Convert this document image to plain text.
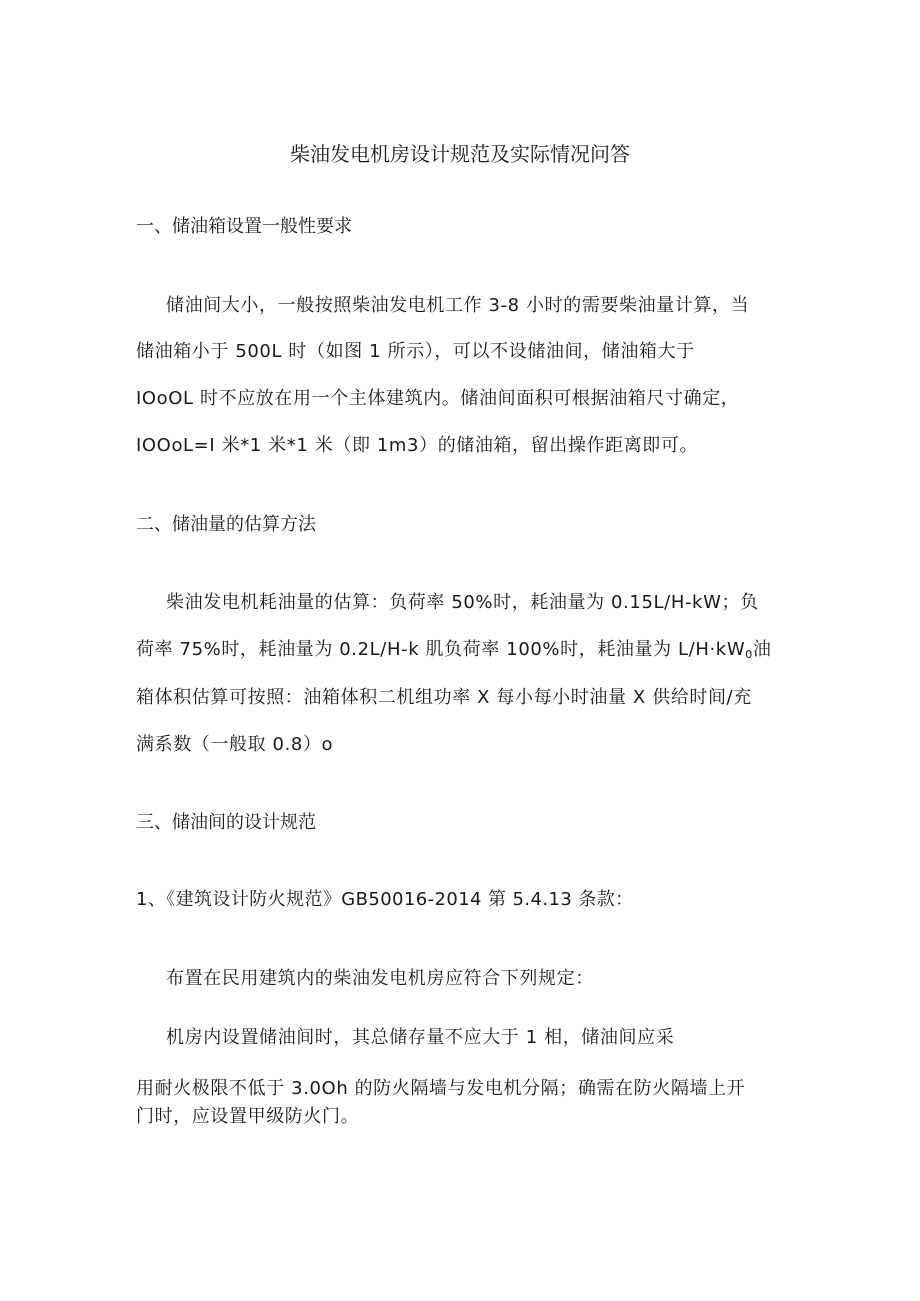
柴油发电机房设计规范及实际情况问答
一、储油箱设置一般性要求
储油间大小，一般按照柴油发电机工作 3-8 小时的需要柴油量计算，当
储油箱小于 500L 时（如图 1 所示），可以不设储油间，储油箱大于
IOoOL 时不应放在用一个主体建筑内。储油间面积可根据油箱尺寸确定，
IOOoL=I 米*1 米*1 米（即 1m3）的储油箱，留出操作距离即可。
二、储油量的估算方法
柴油发电机耗油量的估算：负荷率 50%时，耗油量为 0.15L/H-kW；负
荷率 75%时，耗油量为 0.2L/H-k 肌负荷率 100%时，耗油量为 $L/H\cdot kW_0$油
箱体积估算可按照：油箱体积二机组功率 X 每小每小时油量 X 供给时间/充
满系数（一般取 0.8）o
三、储油间的设计规范
1、《建筑设计防火规范》GB50016-2014 第 5.4.13 条款：
布置在民用建筑内的柴油发电机房应符合下列规定：
机房内设置储油间时，其总储存量不应大于 1 相，储油间应采
用耐火极限不低于 3.0Oh 的防火隔墙与发电机分隔；确需在防火隔墙上开
门时，应设置甲级防火门。
